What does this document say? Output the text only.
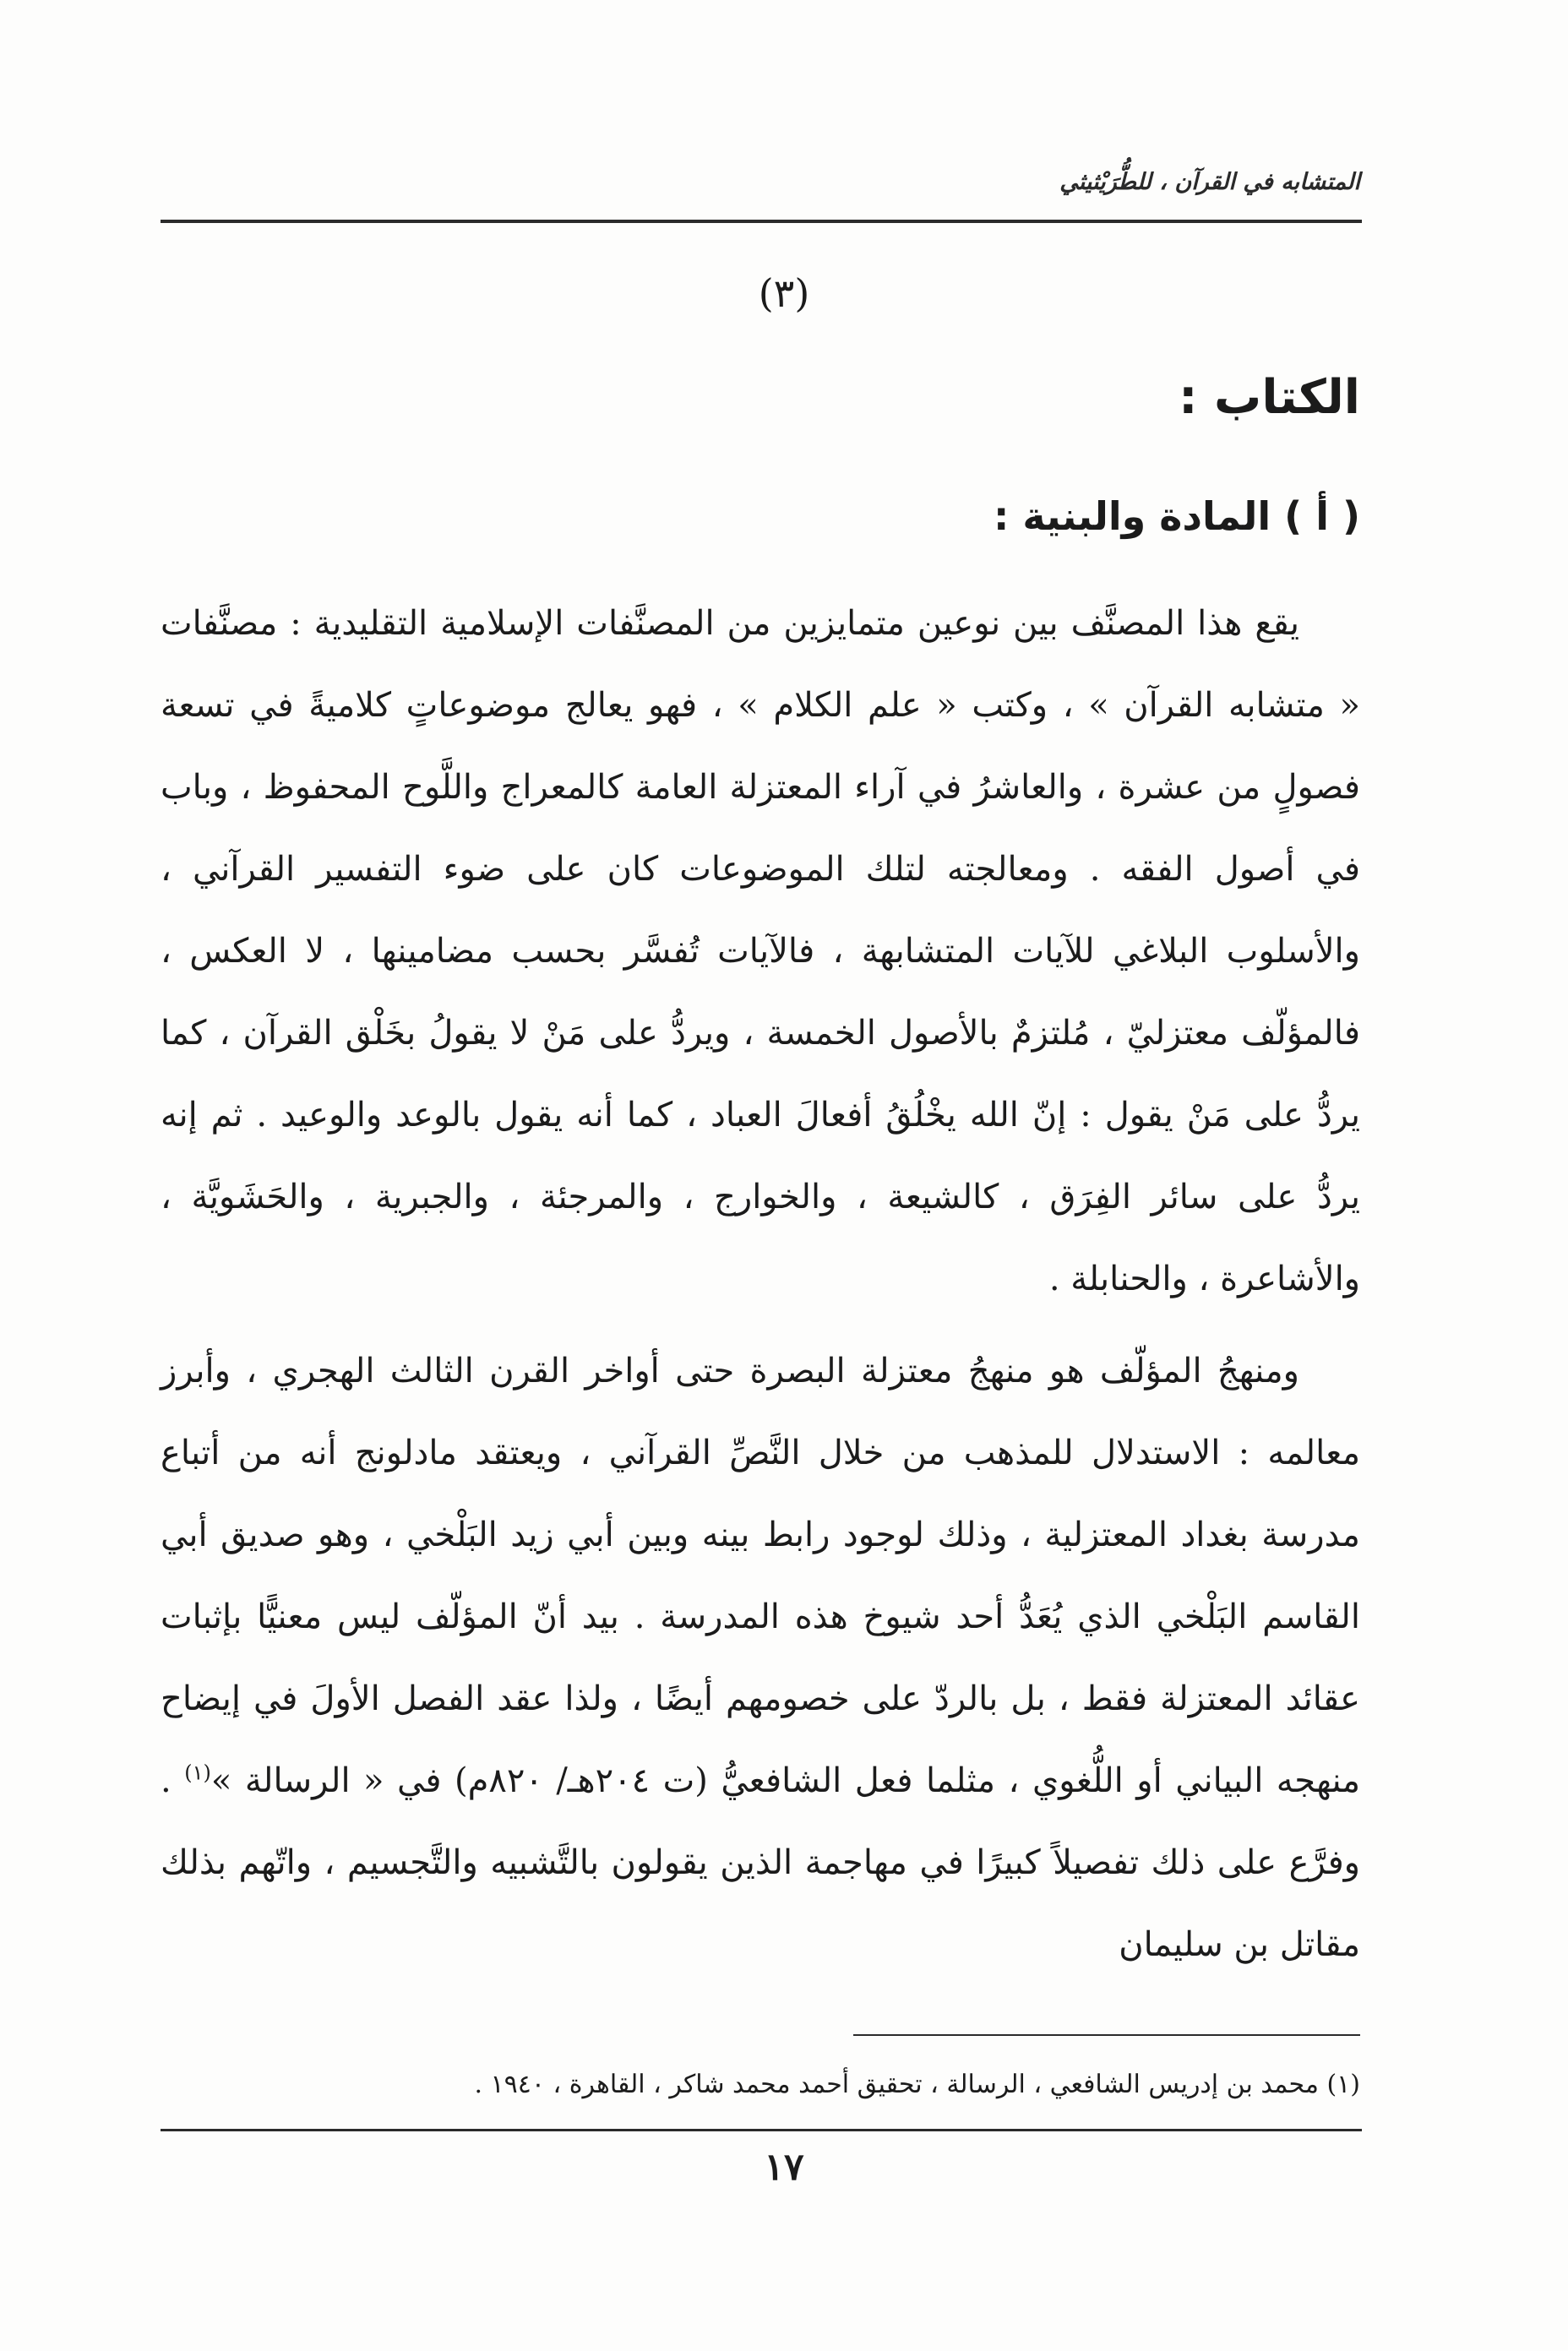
المتشابه في القرآن ، للطُّرَيْثيثي
(٣)
الكتاب :
( أ ) المادة والبنية :

يقع هذا المصنَّف بين نوعين متمايزين من المصنَّفات الإسلامية التقليدية : مصنَّفات « متشابه القرآن » ، وكتب « علم الكلام » ، فهو يعالج موضوعاتٍ كلاميةً في تسعة فصولٍ من عشرة ، والعاشرُ في آراء المعتزلة العامة كالمعراج واللَّوح المحفوظ ، وباب في أصول الفقه . ومعالجته لتلك الموضوعات كان على ضوء التفسير القرآني ، والأسلوب البلاغي للآيات المتشابهة ، فالآيات تُفسَّر بحسب مضامينها ، لا العكس ، فالمؤلّف معتزليّ ، مُلتزمٌ بالأصول الخمسة ، ويردُّ على مَنْ لا يقولُ بخَلْق القرآن ، كما يردُّ على مَنْ يقول : إنّ الله يخْلُقُ أفعالَ العباد ، كما أنه يقول بالوعد والوعيد . ثم إنه يردُّ على سائر الفِرَق ، كالشيعة ، والخوارج ، والمرجئة ، والجبرية ، والحَشَويَّة ، والأشاعرة ، والحنابلة .

ومنهجُ المؤلّف هو منهجُ معتزلة البصرة حتى أواخر القرن الثالث الهجري ، وأبرز معالمه : الاستدلال للمذهب من خلال النَّصِّ القرآني ، ويعتقد مادلونج أنه من أتباع مدرسة بغداد المعتزلية ، وذلك لوجود رابط بينه وبين أبي زيد البَلْخي ، وهو صديق أبي القاسم البَلْخي الذي يُعَدُّ أحد شيوخ هذه المدرسة . بيد أنّ المؤلّف ليس معنيًّا بإثبات عقائد المعتزلة فقط ، بل بالردّ على خصومهم أيضًا ، ولذا عقد الفصل الأولَ في إيضاح منهجه البياني أو اللُّغوي ، مثلما فعل الشافعيُّ (ت ٢٠٤هـ/ ٨٢٠م) في « الرسالة »$^{(١)}$ . وفرَّع على ذلك تفصيلاً كبيرًا في مهاجمة الذين يقولون بالتَّشبيه والتَّجسيم ، واتّهم بذلك مقاتل بن سليمان

(١) محمد بن إدريس الشافعي ، الرسالة ، تحقيق أحمد محمد شاكر ، القاهرة ، ١٩٤٠ .
١٧
